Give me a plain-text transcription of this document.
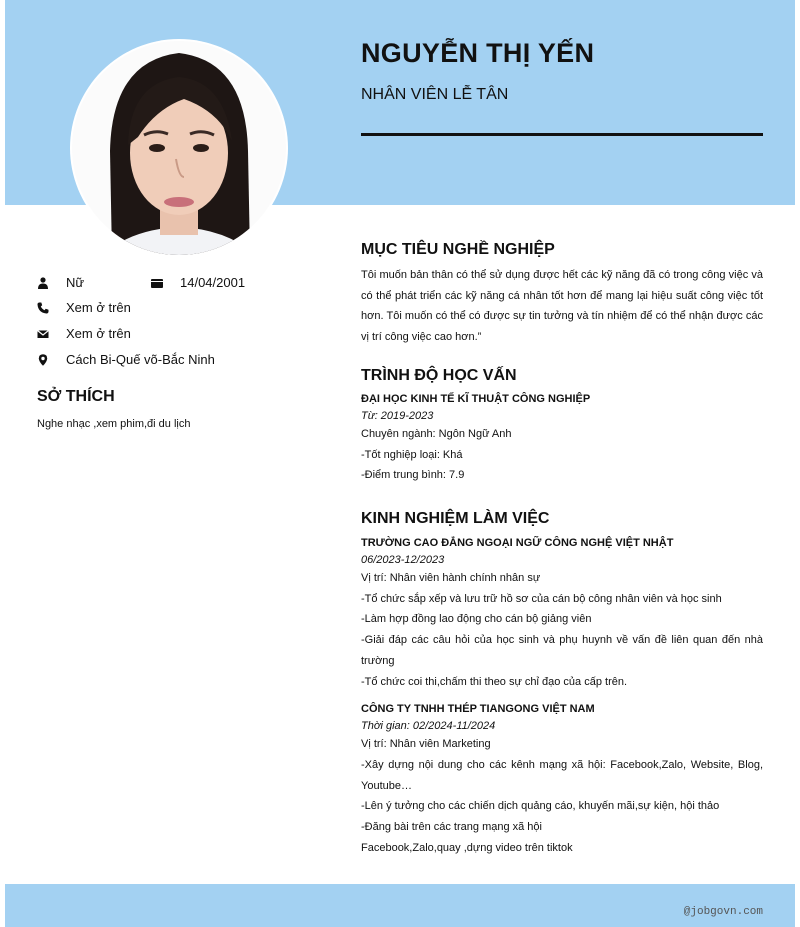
NGUYỄN THỊ YẾN
NHÂN VIÊN LỄ TÂN
Nữ	14/04/2001
Xem ở trên
Xem ở trên
Cách Bi-Quế võ-Bắc Ninh
SỞ THÍCH
Nghe nhạc ,xem phim,đi du lịch

MỤC TIÊU NGHỀ NGHIỆP

Tôi muốn bản thân có thể sử dụng được hết các kỹ năng đã có trong công việc và có thể phát triển các kỹ năng cá nhân tốt hơn để mang lại hiệu suất công việc tốt hơn. Tôi muốn có thể có được sự tin tưởng và tín nhiệm để có thể nhận được các vị trí công việc cao hơn.”

TRÌNH ĐỘ HỌC VẤN

ĐẠI HỌC KINH TẾ KĨ THUẬT CÔNG NGHIỆP

Từ: 2019-2023

Chuyên ngành: Ngôn Ngữ Anh

-Tốt nghiệp loại: Khá

-Điểm trung bình: 7.9

KINH NGHIỆM LÀM VIỆC

TRƯỜNG CAO ĐẲNG NGOẠI NGỮ CÔNG NGHỆ VIỆT NHẬT

06/2023-12/2023

Vị trí: Nhân viên hành chính nhân sự

-Tổ chức sắp xếp và lưu trữ hồ sơ của cán bộ công nhân viên và học sinh

-Làm hợp đồng lao động cho cán bộ giảng viên

-Giải đáp các câu hỏi của học sinh và phụ huynh về vấn đề liên quan đến nhà trường

-Tổ chức coi thi,chấm thi theo sự chỉ đạo của cấp trên.

CÔNG TY TNHH THÉP TIANGONG VIỆT NAM

Thời gian: 02/2024-11/2024

Vị trí: Nhân viên Marketing

-Xây dựng nội dung cho các kênh mạng xã hội: Facebook,Zalo, Website, Blog, Youtube…

-Lên ý tưởng cho các chiến dịch quảng cáo, khuyến mãi,sự kiện, hội thảo

-Đăng bài trên các trang mạng xã hội

Facebook,Zalo,quay ,dựng video trên tiktok

@jobgovn.com
